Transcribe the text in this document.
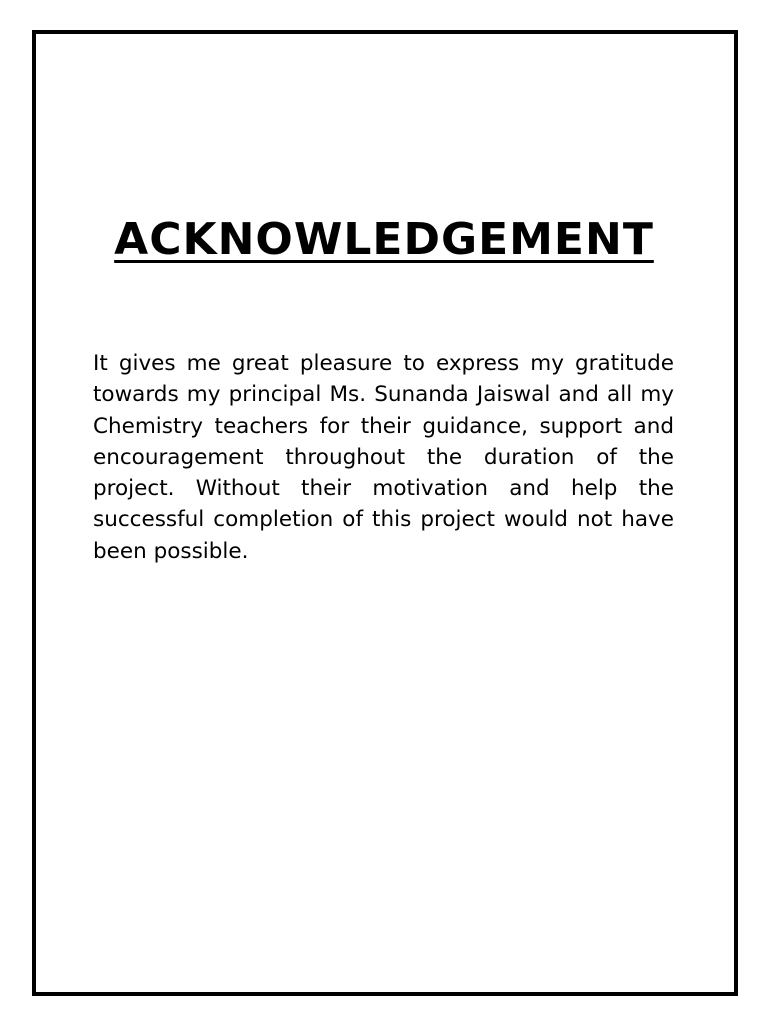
ACKNOWLEDGEMENT

It gives me great pleasure to express my gratitude towards my principal Ms. Sunanda Jaiswal and all my Chemistry teachers for their guidance, support and encouragement throughout the duration of the project. Without their motivation and help the successful completion of this project would not have been possible.
